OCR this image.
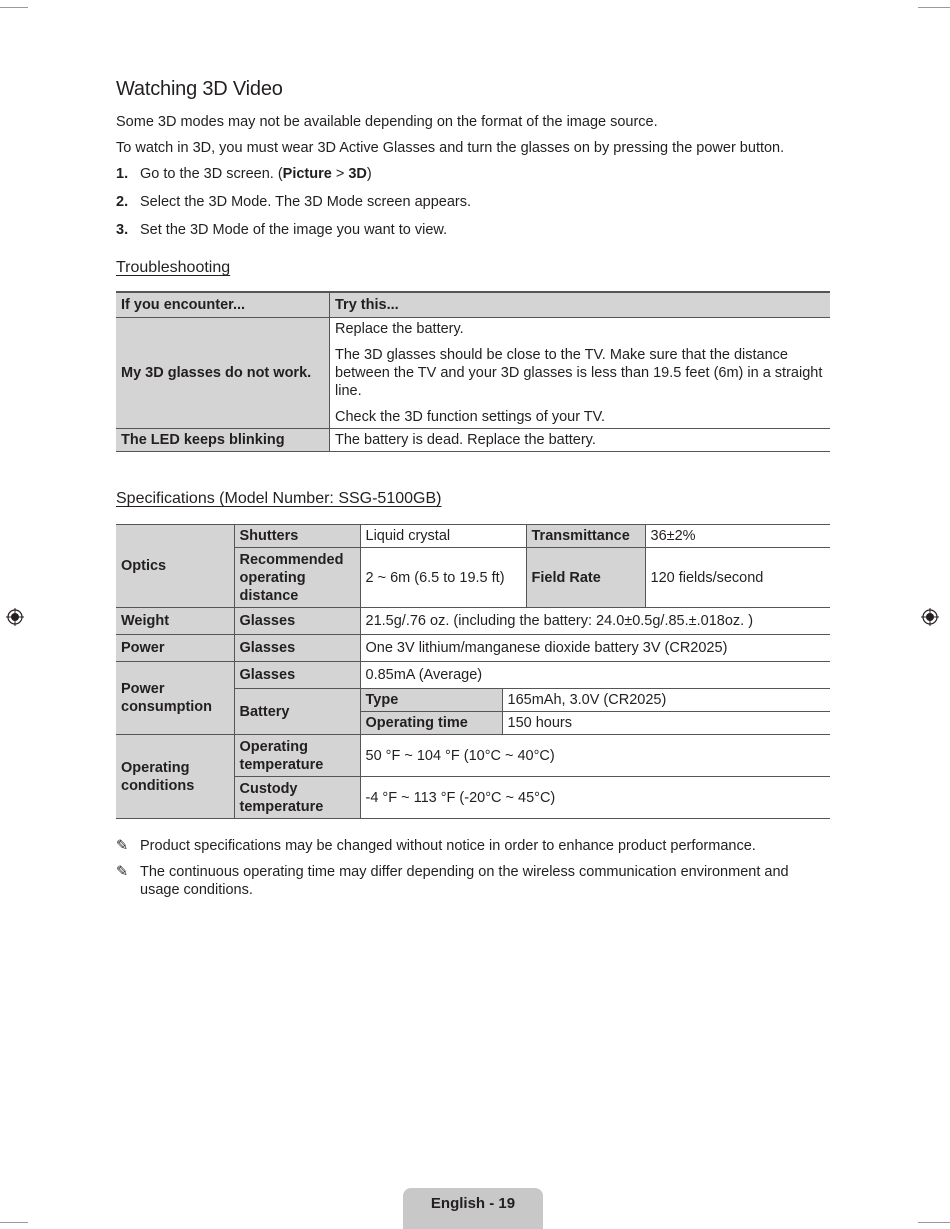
Watching 3D Video

Some 3D modes may not be available depending on the format of the image source.

To watch in 3D, you must wear 3D Active Glasses and turn the glasses on by pressing the power button.

1. Go to the 3D screen. (Picture > 3D)
2. Select the 3D Mode. The 3D Mode screen appears.
3. Set the 3D Mode of the image you want to view.
Troubleshooting
If you encounter...	Try this...
My 3D glasses do not work.	Replace the battery.

The 3D glasses should be close to the TV. Make sure that the distance between the TV and your 3D glasses is less than 19.5 feet (6m) in a straight line.

Check the 3D function settings of your TV.

The LED keeps blinking	The battery is dead. Replace the battery.
Specifications (Model Number: SSG-5100GB)
Optics	Shutters	Liquid crystal		Transmittance	36±2%
	Recommended operating distance	2 ~ 6m (6.5 to 19.5 ft)		Field Rate	120 fields/second
Weight	Glasses	21.5g/.76 oz. (including the battery: 24.0±0.5g/.85.±.018oz. )			
Power	Glasses	One 3V lithium/manganese dioxide battery 3V (CR2025)			
Power consumption	Glasses	0.85mA (Average)			
	Battery	Type	165mAh, 3.0V (CR2025)		
		Operating time	150 hours		
Operating conditions	Operating temperature	50 °F ~ 104 °F (10°C ~ 40°C)			
	Custody temperature	-4 °F ~ 113 °F (-20°C ~ 45°C)			
✎ Product specifications may be changed without notice in order to enhance product performance.
✎ The continuous operating time may differ depending on the wireless communication environment and usage conditions.
English - 19
